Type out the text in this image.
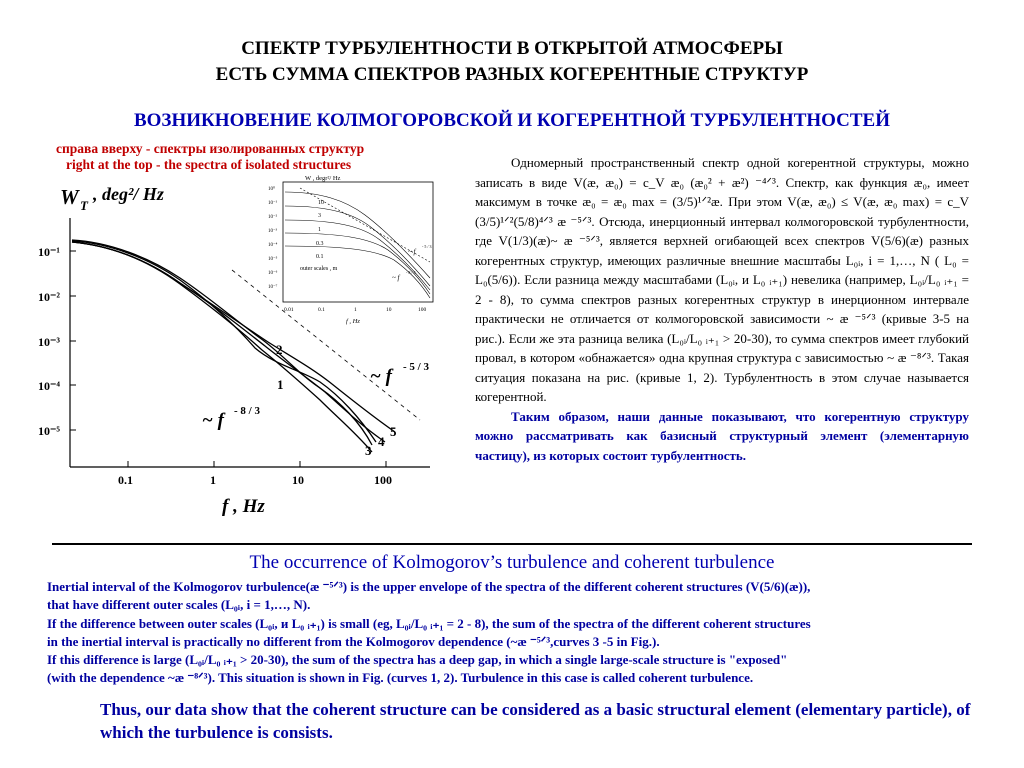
СПЕКТР ТУРБУЛЕНТНОСТИ В ОТКРЫТОЙ АТМОСФЕРЫ
ЕСТЬ СУММА СПЕКТРОВ РАЗНЫХ КОГЕРЕНТНЫЕ СТРУКТУР
ВОЗНИКНОВЕНИЕ КОЛМОГОРОВСКОЙ И КОГЕРЕНТНОЙ ТУРБУЛЕНТНОСТЕЙ
справа вверху - спектры изолированных структур
right at the top - the spectra of isolated structures
W T
, deg²/ Hz
10⁻¹
10⁻²
10⁻³
10⁻⁴
10⁻⁵
0.1	1	10	100
f , Hz
2
1
3
4
5
~ f - 5 / 3
~ f - 8 / 3
W , degr²/ Hz
10⁰
10⁻¹
10⁻²
10⁻³
10⁻⁴
10⁻⁵
10⁻⁶
10⁻⁷
0.01	0.1	1	10	100
f , Hz
10
3
1
0.3
0.1
outer scales , m
~ f
- 5 / 3
~ f
- 8 / 3

Одномерный пространственный спектр одной когерентной структуры, можно записать в виде V(æ, æ₀) = c_V æ₀ (æ₀² + æ²) ⁻⁴ᐟ³. Спектр, как функция æ₀, имеет максимум в точке æ₀ = æ₀ max = (3/5)¹ᐟ²æ. При этом V(æ, æ₀) ≤ V(æ, æ₀ max) = c_V (3/5)¹ᐟ²(5/8)⁴ᐟ³ æ ⁻⁵ᐟ³. Отсюда, инерционный интервал колмогоровской турбулентности, где V(1/3)(æ)~ æ ⁻⁵ᐟ³, является верхней огибающей всех спектров V(5/6)(æ) разных когерентных структур, имеющих различные внешние масштабы L₀ᵢ, i = 1,…, N ( L₀ = L₀(5/6)). Если разница между масштабами (L₀ᵢ, и L₀ ᵢ₊₁) невелика (например, L₀ᵢ/L₀ ᵢ₊₁ = 2 - 8), то сумма спектров разных когерентных структур в инерционном интервале практически не отличается от колмогоровской зависимости ~ æ ⁻⁵ᐟ³ (кривые 3-5 на рис.). Если же эта разница велика (L₀ᵢ/L₀ ᵢ₊₁ > 20-30), то сумма спектров имеет глубокий провал, в котором «обнажается» одна крупная структура с зависимостью ~ æ ⁻⁸ᐟ³. Такая ситуация показана на рис. (кривые 1, 2). Турбулентность в этом случае называется когерентной.

Таким образом, наши данные показывают, что когерентную структуру можно рассматривать как базисный структурный элемент (элементарную частицу), из которых состоит турбулентность.

The occurrence of Kolmogorov’s turbulence and coherent turbulence
Inertial interval of the Kolmogorov turbulence(æ ⁻⁵ᐟ³) is the upper envelope of the spectra of the different coherent structures (V(5/6)(æ)),
that have different outer scales (L₀ᵢ, i = 1,…, N).
If the difference between outer scales (L₀ᵢ, и L₀ ᵢ₊₁) is small (eg, L₀ᵢ/L₀ ᵢ₊₁ = 2 - 8), the sum of the spectra of the different coherent structures
in the inertial interval is practically no different from the Kolmogorov dependence (~æ ⁻⁵ᐟ³,curves 3 -5 in Fig.).
If this difference is large (L₀ᵢ/L₀ ᵢ₊₁ > 20-30), the sum of the spectra has a deep gap, in which a single large-scale structure is "exposed"
(with the dependence ~æ ⁻⁸ᐟ³). This situation is shown in Fig. (curves 1, 2). Turbulence in this case is called coherent turbulence.
Thus, our data show that the coherent structure can be considered as a basic structural element (elementary particle), of which the turbulence is consists.
